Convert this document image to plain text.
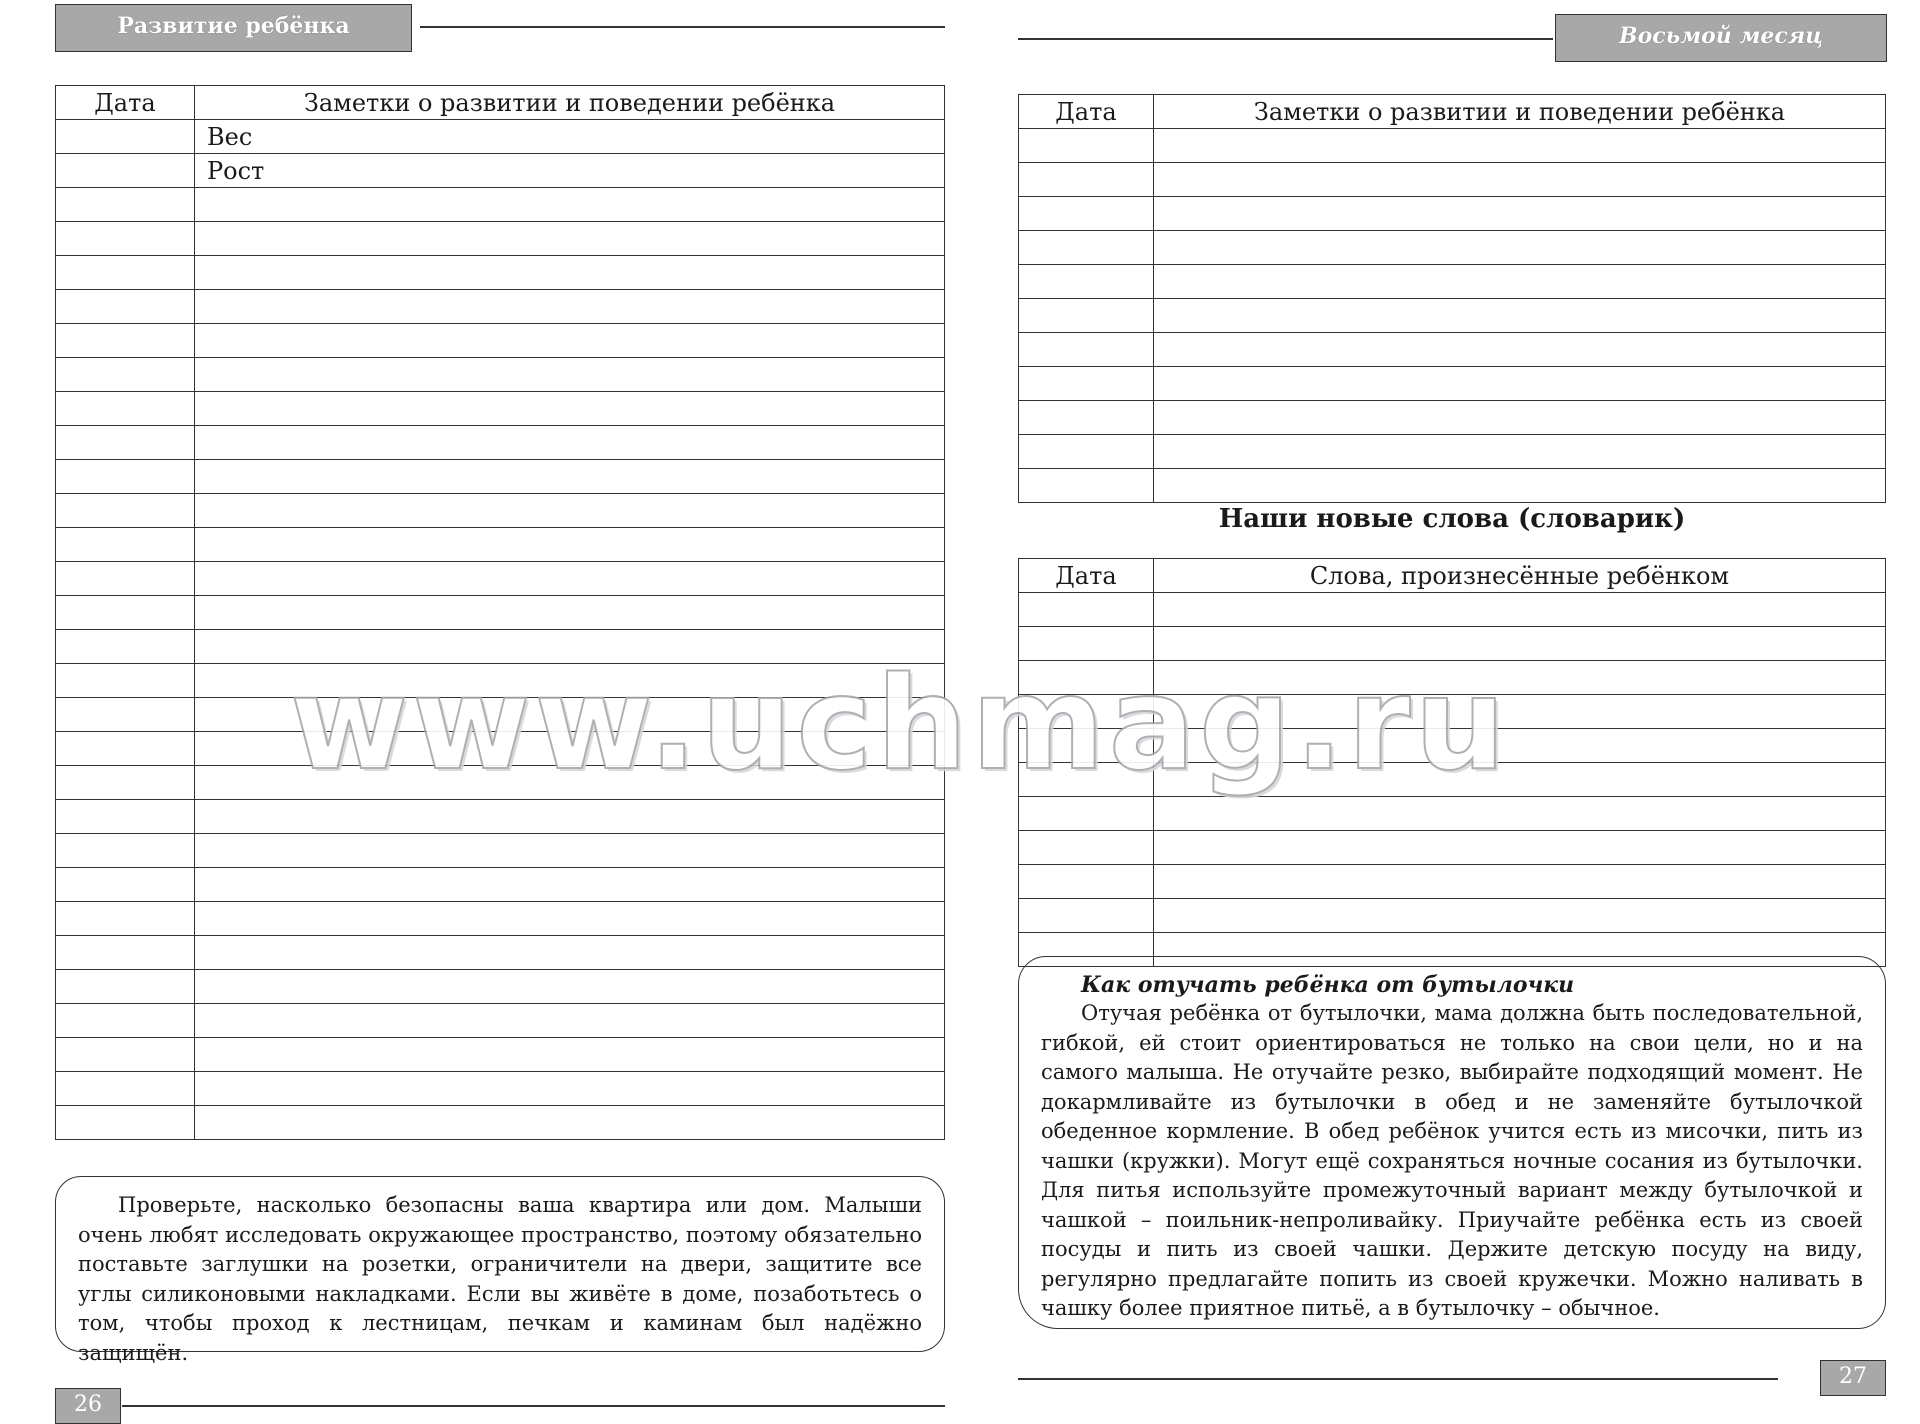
Развитие ребёнка
Дата	Заметки о развитии и поведении ребёнка
	Вес
	Рост

Проверьте, насколько безопасны ваша квартира или дом. Малыши очень любят исследовать окружающее пространство, поэтому обязательно поставьте заглушки на розетки, ограничители на двери, защитите все углы силиконовыми накладками. Если вы живёте в доме, позаботьтесь о том, чтобы проход к лестницам, печкам и каминам был надёжно защищён.

26
Восьмой месяц
Дата	Заметки о развитии и поведении ребёнка

Наши новые слова (словарик)
Дата	Слова, произнесённые ребёнком

Как отучать ребёнка от бутылочки

Отучая ребёнка от бутылочки, мама должна быть последовательной, гибкой, ей стоит ориентироваться не только на свои цели, но и на самого малыша. Не отучайте резко, выбирайте подходящий момент. Не докармливайте из бутылочки в обед и не заменяйте бутылочкой обеденное кормление. В обед ребёнок учится есть из мисочки, пить из чашки (кружки). Могут ещё сохраняться ночные сосания из бутылочки. Для питья используйте промежуточный вариант между бутылочкой и чашкой – поильник-непроливайку. Приучайте ребёнка есть из своей посуды и пить из своей чашки. Держите детскую посуду на виду, регулярно предлагайте попить из своей кружечки. Можно наливать в чашку более приятное питьё, а в бутылочку – обычное.

27
www.uchmag.ru
